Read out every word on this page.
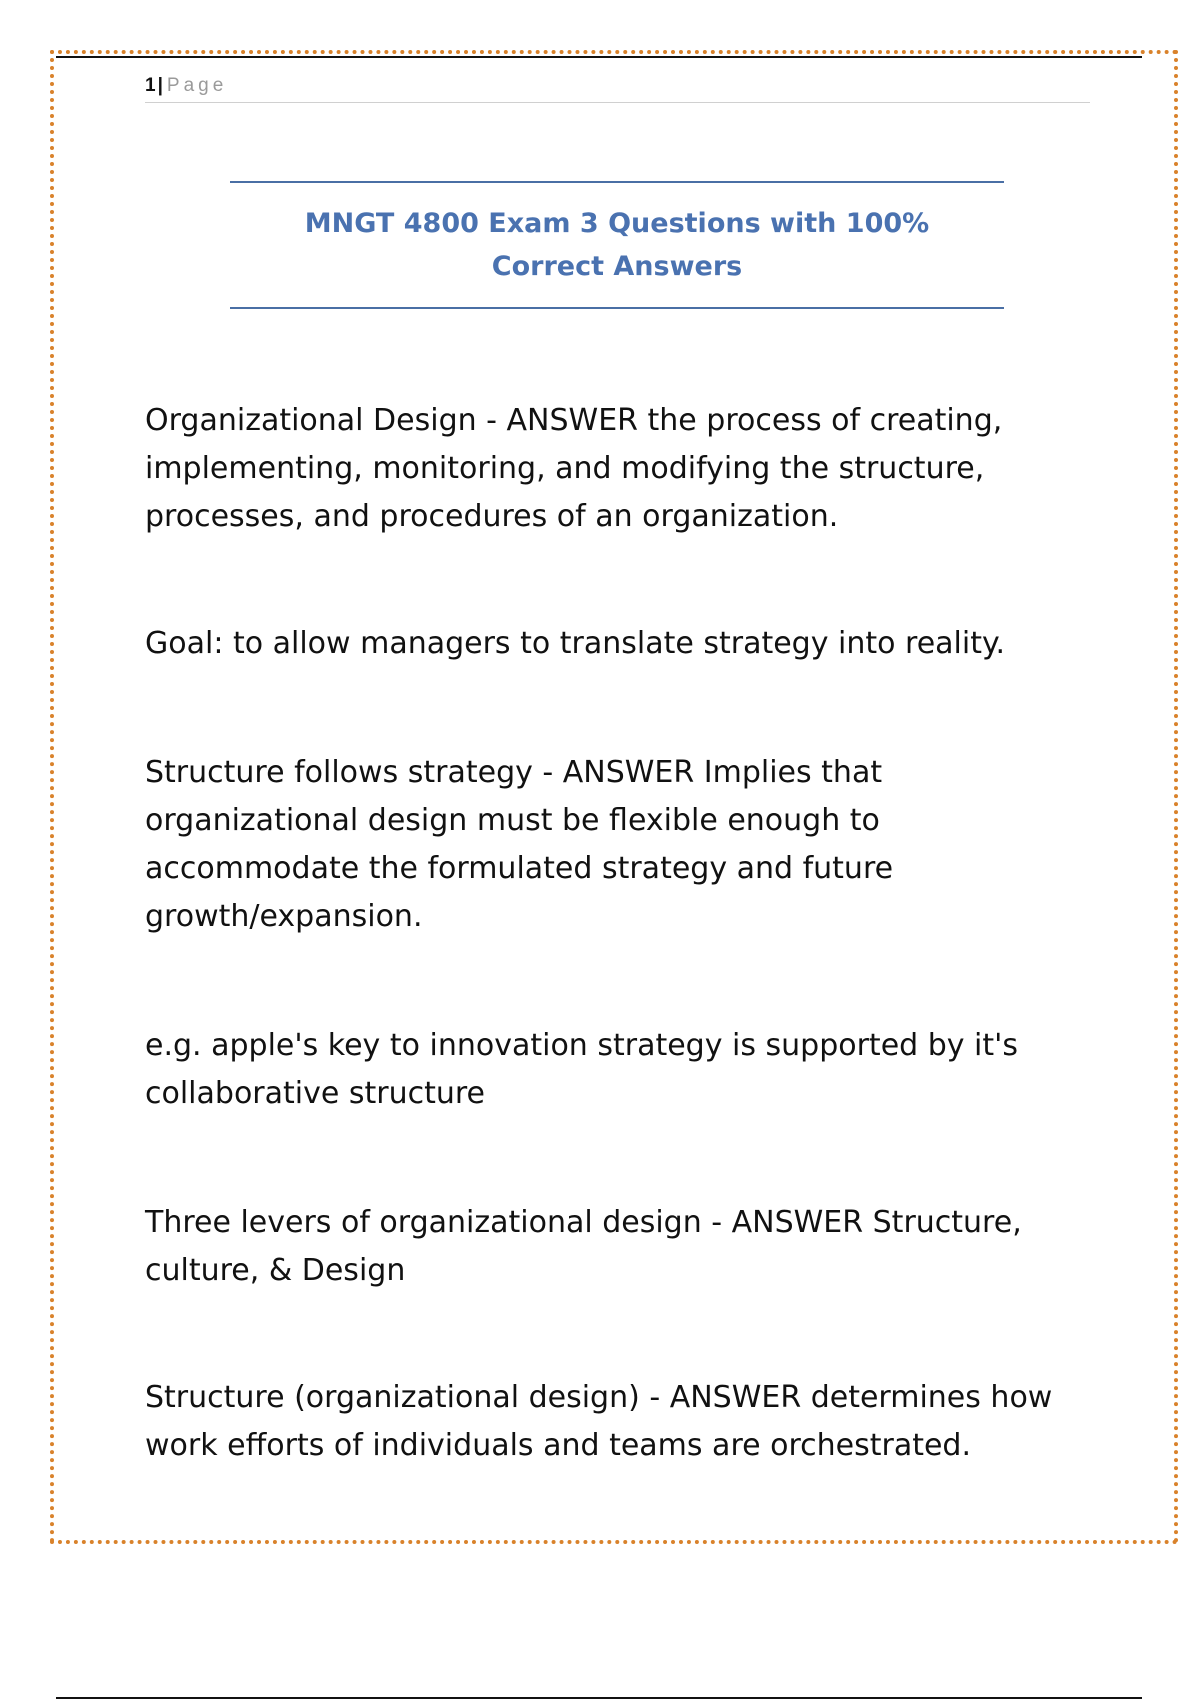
1 | Page
MNGT 4800 Exam 3 Questions with 100% Correct Answers

Organizational Design - ANSWER the process of creating, implementing, monitoring, and modifying the structure, processes, and procedures of an organization.

Goal: to allow managers to translate strategy into reality.

Structure follows strategy - ANSWER Implies that organizational design must be flexible enough to accommodate the formulated strategy and future growth/expansion.

e.g. apple's key to innovation strategy is supported by it's collaborative structure

Three levers of organizational design - ANSWER Structure, culture, & Design

Structure (organizational design) - ANSWER determines how work efforts of individuals and teams are orchestrated.
